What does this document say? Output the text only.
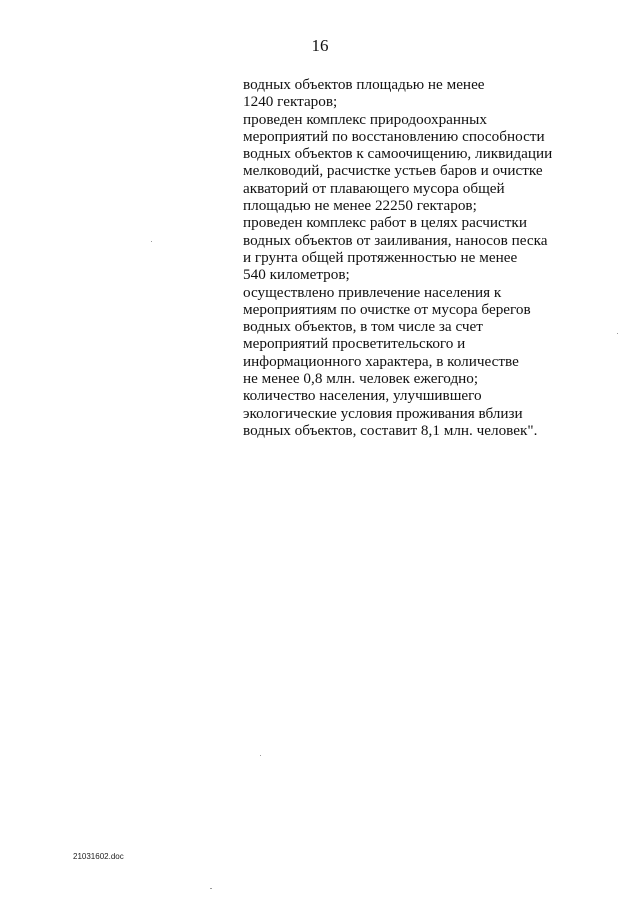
16
водных объектов площадью не менее
1240 гектаров;
проведен комплекс природоохранных
мероприятий по восстановлению способности
водных объектов к самоочищению, ликвидации
мелководий, расчистке устьев баров и очистке
акваторий от плавающего мусора общей
площадью не менее 22250 гектаров;
проведен комплекс работ в целях расчистки
водных объектов от заиливания, наносов песка
и грунта общей протяженностью не менее
540 километров;
осуществлено привлечение населения к
мероприятиям по очистке от мусора берегов
водных объектов, в том числе за счет
мероприятий просветительского и
информационного характера, в количестве
не менее 0,8 млн. человек ежегодно;
количество населения, улучшившего
экологические условия проживания вблизи
водных объектов, составит 8,1 млн. человек".
21031602.doc
